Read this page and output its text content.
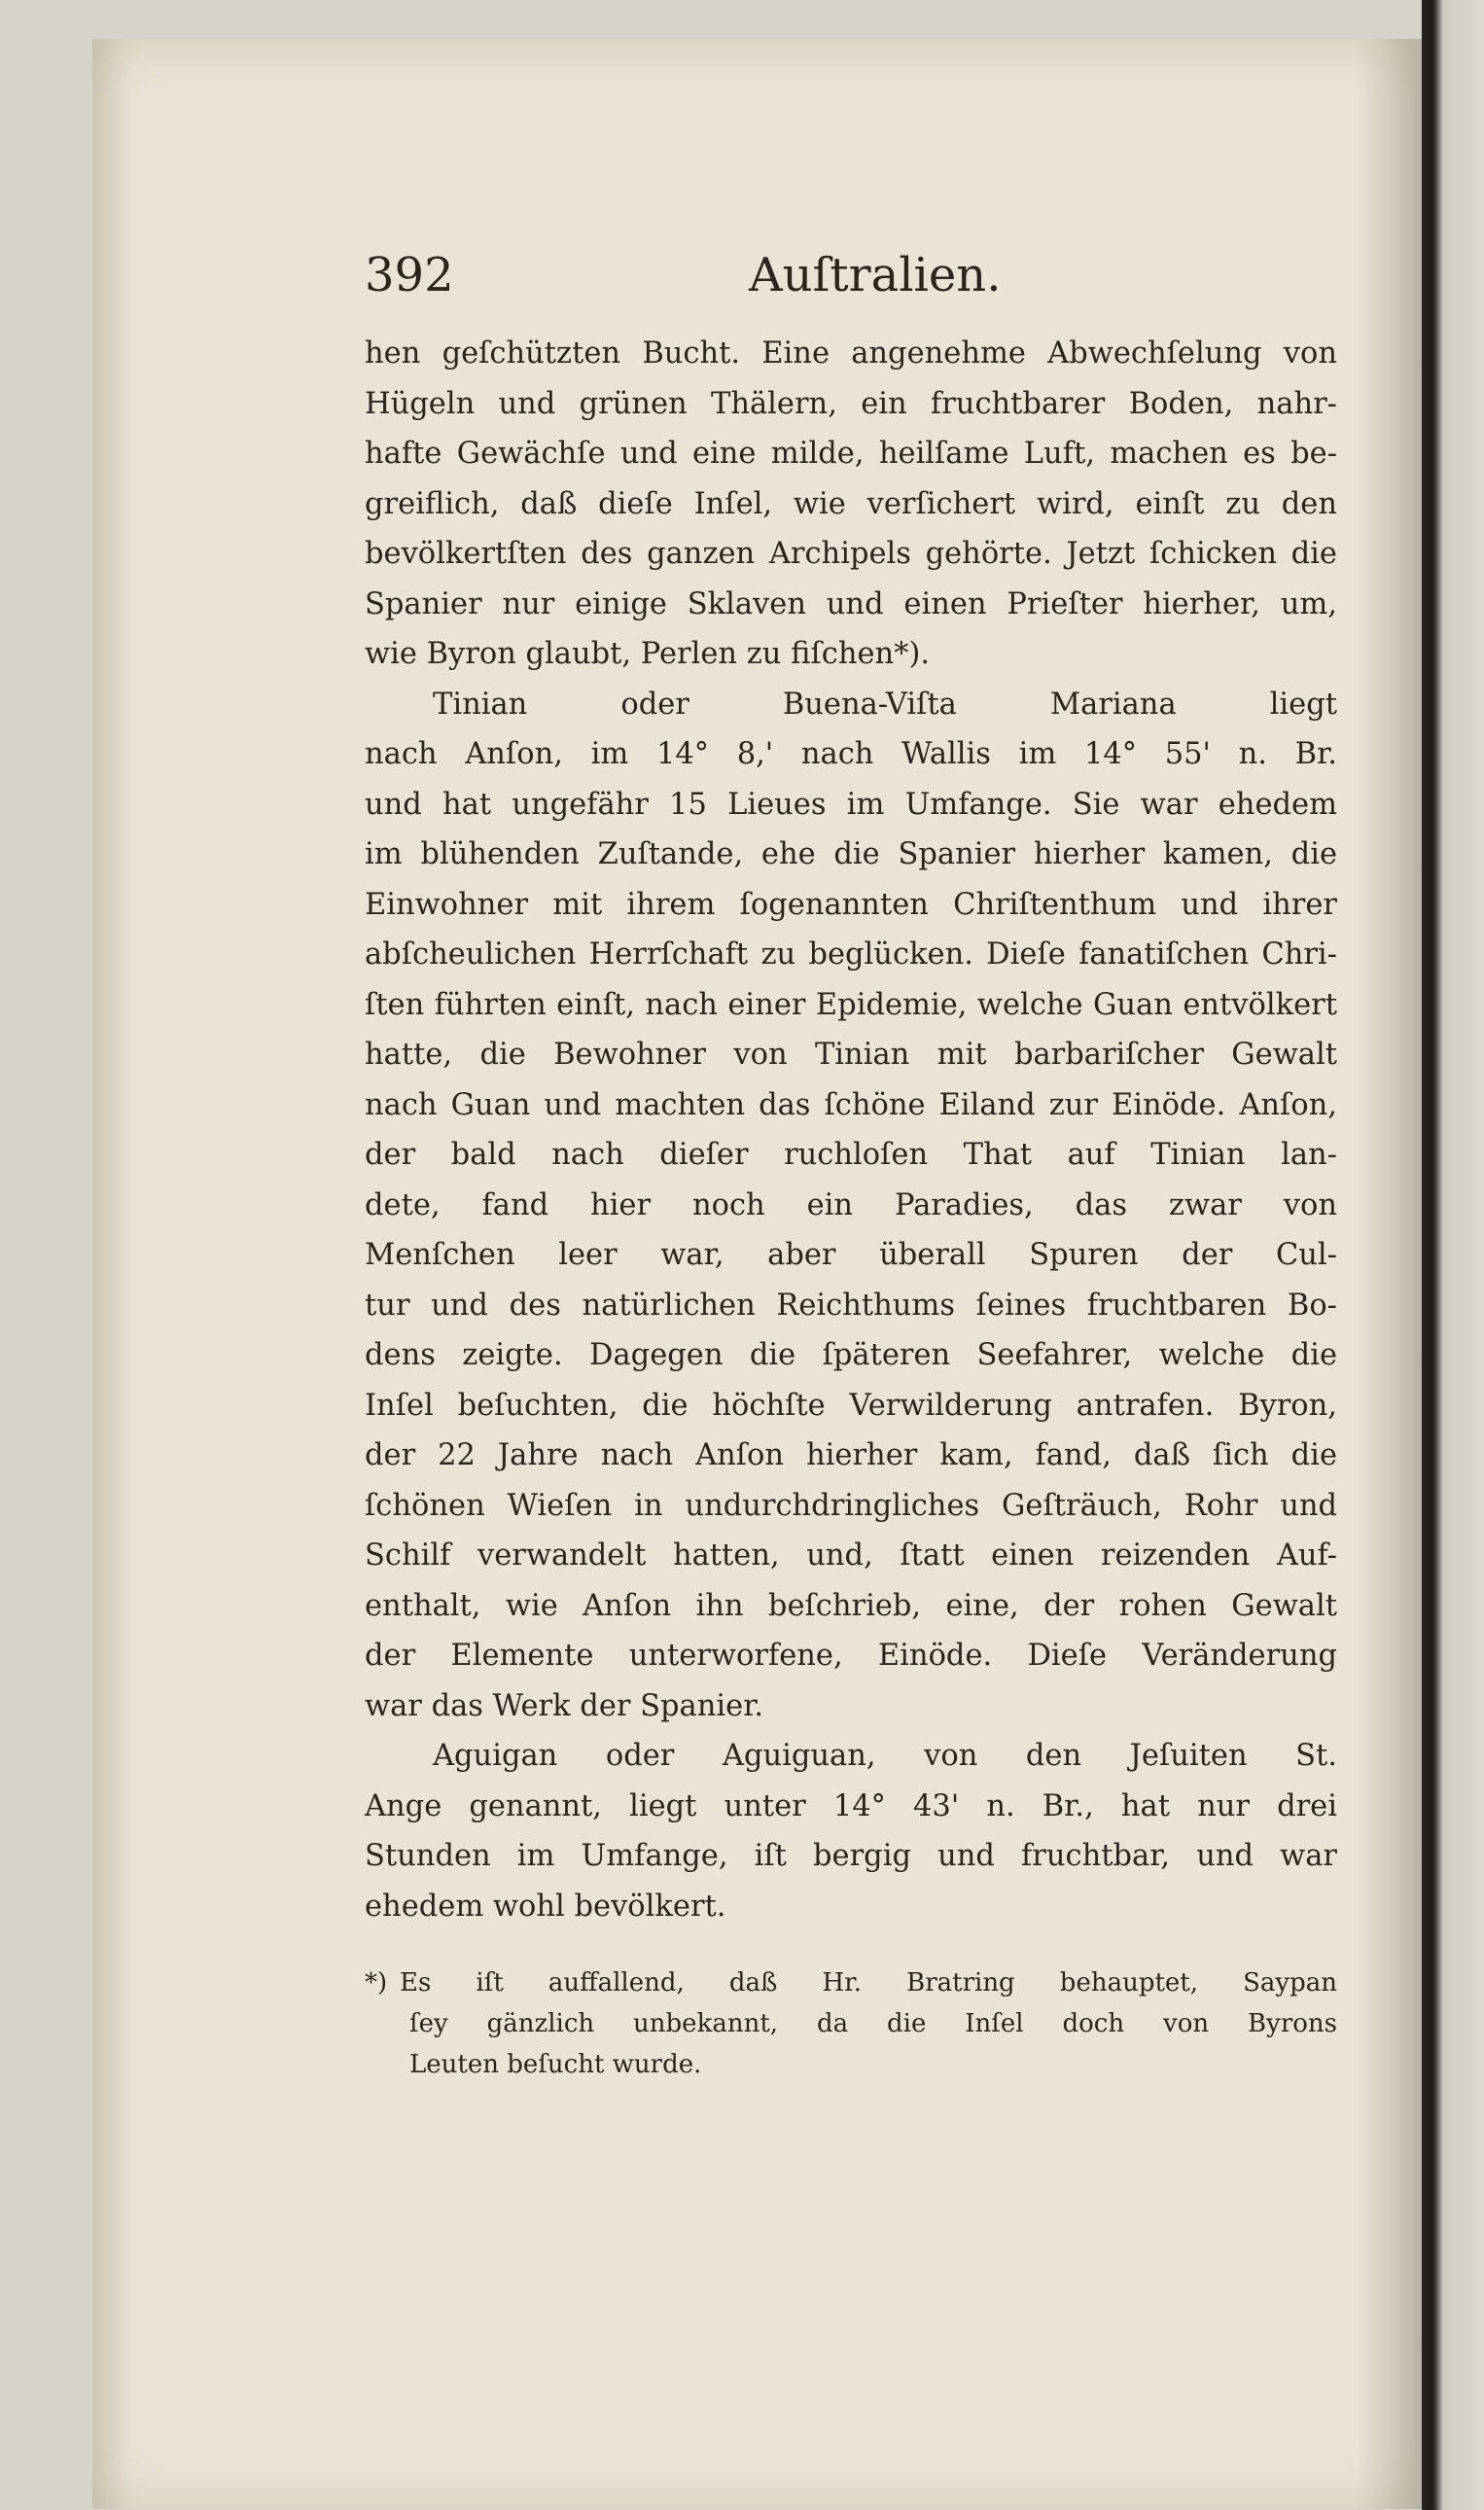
392	Auſtralien.
hen geſchützten Bucht. Eine angenehme Abwechſelung von
Hügeln und grünen Thälern, ein fruchtbarer Boden, nahr-
hafte Gewächſe und eine milde, heilſame Luft, machen es be-
greiflich, daß dieſe Inſel, wie verſichert wird, einſt zu den
bevölkertſten des ganzen Archipels gehörte. Jetzt ſchicken die
Spanier nur einige Sklaven und einen Prieſter hierher, um,
wie Byron glaubt, Perlen zu fiſchen*).
Tinian oder Buena-Viſta Mariana liegt
nach Anſon, im 14° 8,' nach Wallis im 14° 55' n. Br.
und hat ungefähr 15 Lieues im Umfange. Sie war ehedem
im blühenden Zuſtande, ehe die Spanier hierher kamen, die
Einwohner mit ihrem ſogenannten Chriſtenthum und ihrer
abſcheulichen Herrſchaft zu beglücken. Dieſe fanatiſchen Chri-
ſten führten einſt, nach einer Epidemie, welche Guan entvölkert
hatte, die Bewohner von Tinian mit barbariſcher Gewalt
nach Guan und machten das ſchöne Eiland zur Einöde. Anſon,
der bald nach dieſer ruchloſen That auf Tinian lan-
dete, fand hier noch ein Paradies, das zwar von
Menſchen leer war, aber überall Spuren der Cul-
tur und des natürlichen Reichthums ſeines fruchtbaren Bo-
dens zeigte. Dagegen die ſpäteren Seefahrer, welche die
Inſel beſuchten, die höchſte Verwilderung antrafen. Byron,
der 22 Jahre nach Anſon hierher kam, fand, daß ſich die
ſchönen Wieſen in undurchdringliches Geſträuch, Rohr und
Schilf verwandelt hatten, und, ſtatt einen reizenden Auf-
enthalt, wie Anſon ihn beſchrieb, eine, der rohen Gewalt
der Elemente unterworfene, Einöde. Dieſe Veränderung
war das Werk der Spanier.
Aguigan oder Aguiguan, von den Jeſuiten St.
Ange genannt, liegt unter 14° 43' n. Br., hat nur drei
Stunden im Umfange, iſt bergig und fruchtbar, und war
ehedem wohl bevölkert.
*) Es iſt auffallend, daß Hr. Bratring behauptet, Saypan
ſey gänzlich unbekannt, da die Inſel doch von Byrons
Leuten beſucht wurde.
